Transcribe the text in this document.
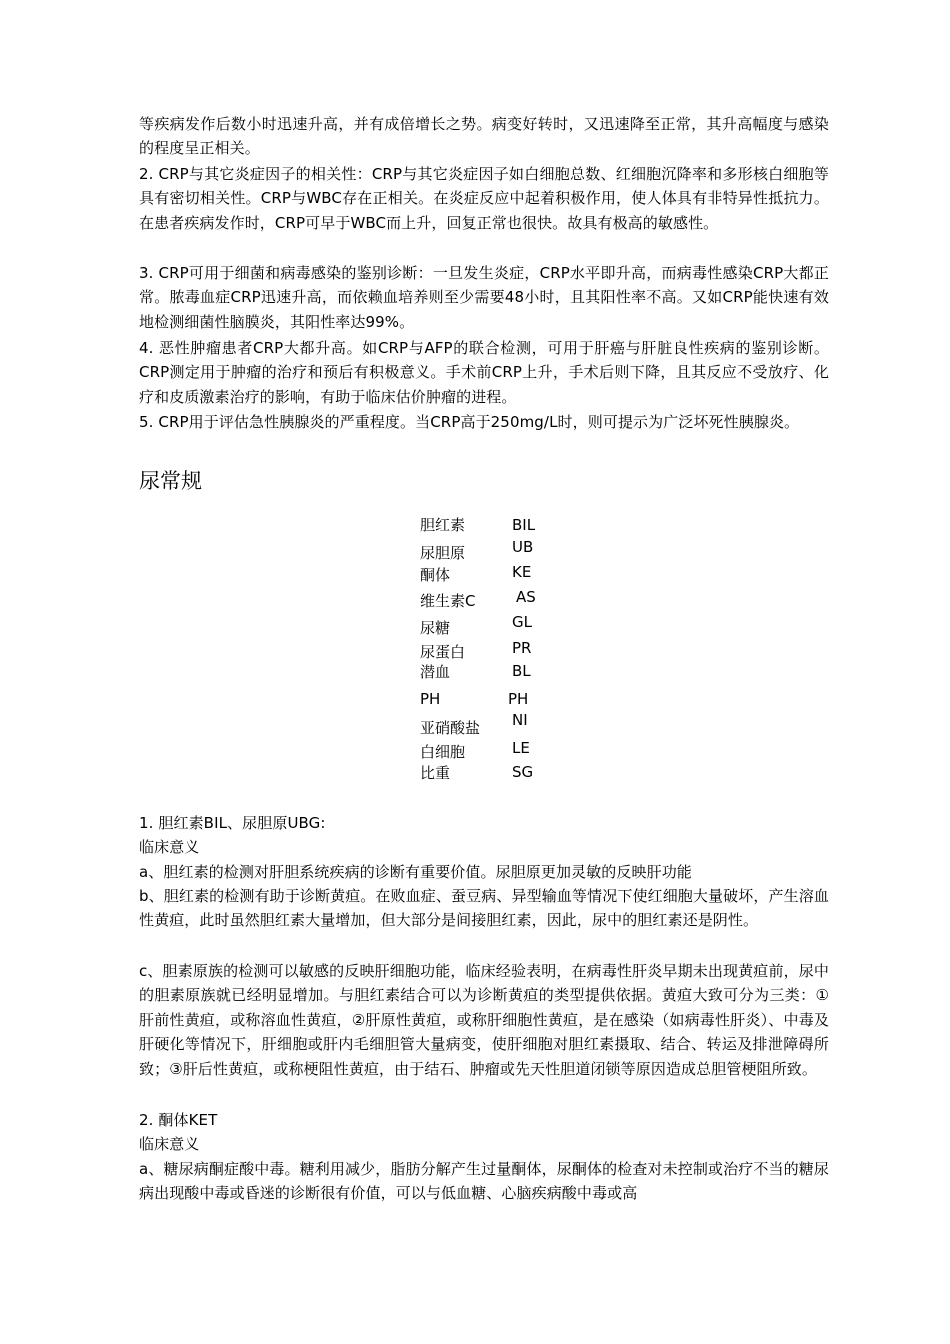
等疾病发作后数小时迅速升高，并有成倍增长之势。病变好转时，又迅速降至正常，其升高幅度与感染的程度呈正相关。

2. CRP与其它炎症因子的相关性：CRP与其它炎症因子如白细胞总数、红细胞沉降率和多形核白细胞等具有密切相关性。CRP与WBC存在正相关。在炎症反应中起着积极作用，使人体具有非特异性抵抗力。在患者疾病发作时，CRP可早于WBC而上升，回复正常也很快。故具有极高的敏感性。

3. CRP可用于细菌和病毒感染的鉴别诊断：一旦发生炎症，CRP水平即升高，而病毒性感染CRP大都正常。脓毒血症CRP迅速升高，而依赖血培养则至少需要48小时，且其阳性率不高。又如CRP能快速有效地检测细菌性脑膜炎，其阳性率达99%。

4. 恶性肿瘤患者CRP大都升高。如CRP与AFP的联合检测，可用于肝癌与肝脏良性疾病的鉴别诊断。CRP测定用于肿瘤的治疗和预后有积极意义。手术前CRP上升，手术后则下降，且其反应不受放疗、化疗和皮质激素治疗的影响，有助于临床估价肿瘤的进程。

5. CRP用于评估急性胰腺炎的严重程度。当CRP高于250mg/L时，则可提示为广泛坏死性胰腺炎。

尿常规
胆红素	BIL
尿胆原	UB
酮体	KE
维生素C	AS
尿糖	GL
尿蛋白	PR
潜血	BL
PH	PH
亚硝酸盐 NI
白细胞	LE
比重	SG

1. 胆红素BIL、尿胆原UBG:

临床意义

a、胆红素的检测对肝胆系统疾病的诊断有重要价值。尿胆原更加灵敏的反映肝功能

b、胆红素的检测有助于诊断黄疸。在败血症、蚕豆病、异型输血等情况下使红细胞大量破坏，产生溶血性黄疸，此时虽然胆红素大量增加，但大部分是间接胆红素，因此，尿中的胆红素还是阴性。

c、胆素原族的检测可以敏感的反映肝细胞功能，临床经验表明，在病毒性肝炎早期未出现黄疸前，尿中的胆素原族就已经明显增加。与胆红素结合可以为诊断黄疸的类型提供依据。黄疸大致可分为三类：①肝前性黄疸，或称溶血性黄疸，②肝原性黄疸，或称肝细胞性黄疸，是在感染（如病毒性肝炎）、中毒及肝硬化等情况下，肝细胞或肝内毛细胆管大量病变，使肝细胞对胆红素摄取、结合、转运及排泄障碍所致；③肝后性黄疸，或称梗阻性黄疸，由于结石、肿瘤或先天性胆道闭锁等原因造成总胆管梗阻所致。

2. 酮体KET

临床意义

a、糖尿病酮症酸中毒。糖利用减少，脂肪分解产生过量酮体，尿酮体的检查对未控制或治疗不当的糖尿病出现酸中毒或昏迷的诊断很有价值，可以与低血糖、心脑疾病酸中毒或高
